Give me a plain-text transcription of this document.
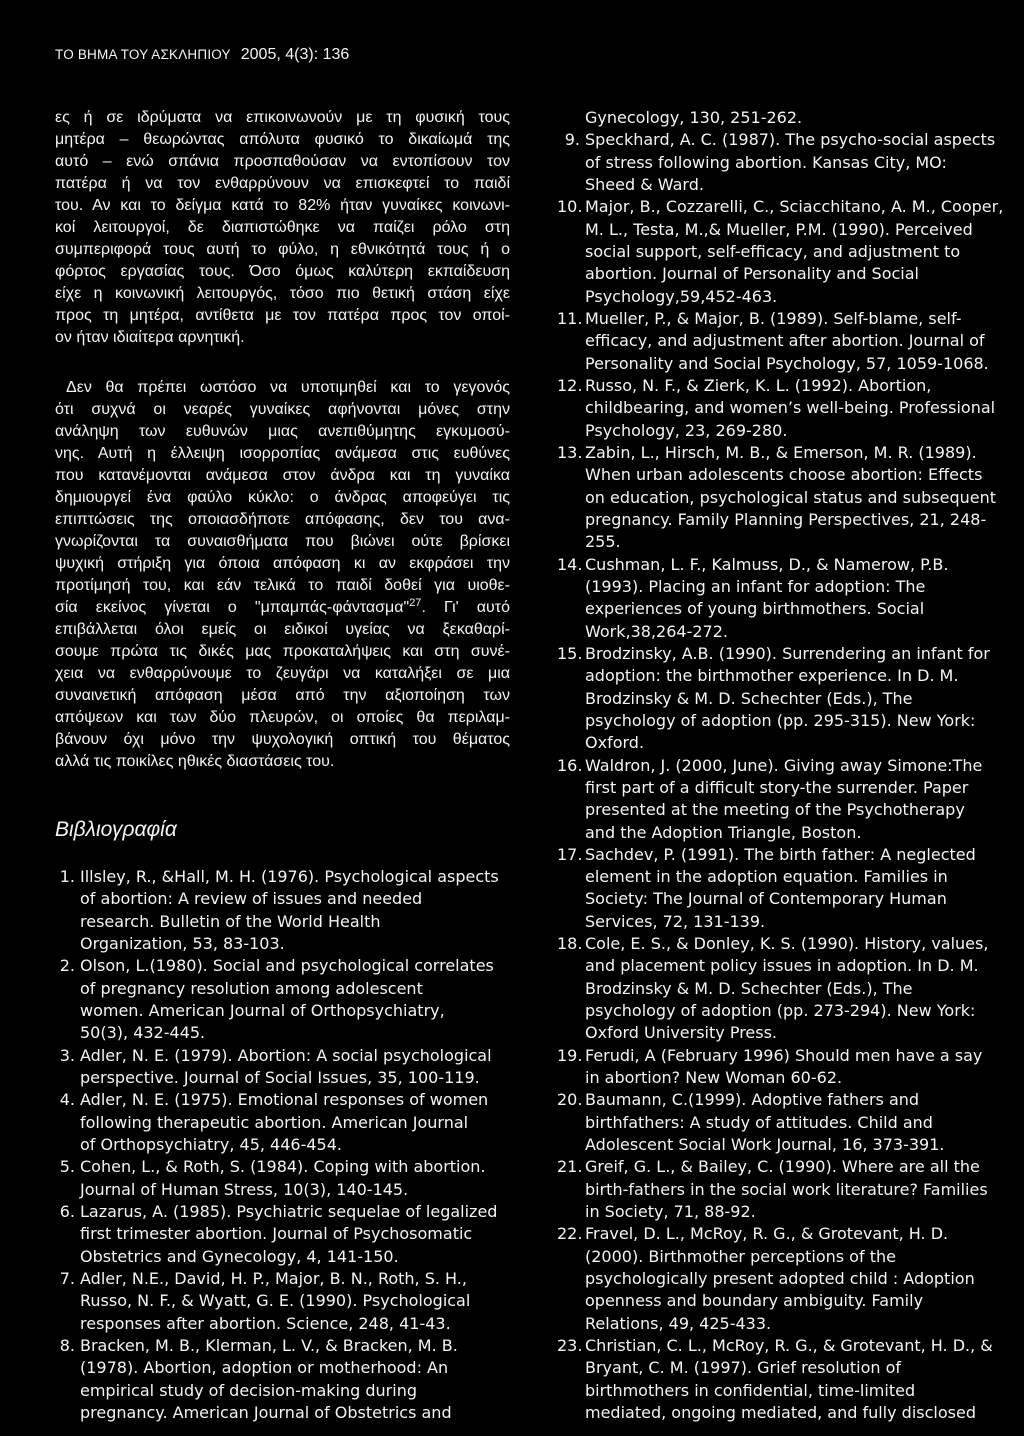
ΤΟ ΒΗΜΑ ΤΟΥ ΑΣΚΛΗΠΙΟΥ 2005, 4(3): 136
ες ή σε ιδρύματα να επικοινωνούν με τη φυσική τους
μητέρα – θεωρώντας απόλυτα φυσικό το δικαίωμά της
αυτό – ενώ σπάνια προσπαθούσαν να εντοπίσουν τον
πατέρα ή να τον ενθαρρύνουν να επισκεφτεί το παιδί
του. Αν και το δείγμα κατά το 82% ήταν γυναίκες κοινωνι-
κοί λειτουργοί, δε διαπιστώθηκε να παίζει ρόλο στη
συμπεριφορά τους αυτή το φύλο, η εθνικότητά τους ή ο
φόρτος εργασίας τους. Όσο όμως καλύτερη εκπαίδευση
είχε η κοινωνική λειτουργός, τόσο πιο θετική στάση είχε
προς τη μητέρα, αντίθετα με τον πατέρα προς τον οποί-
ον ήταν ιδιαίτερα αρνητική.
Δεν θα πρέπει ωστόσο να υποτιμηθεί και το γεγονός
ότι συχνά οι νεαρές γυναίκες αφήνονται μόνες στην
ανάληψη των ευθυνών μιας ανεπιθύμητης εγκυμοσύ-
νης. Αυτή η έλλειψη ισορροπίας ανάμεσα στις ευθύνες
που κατανέμονται ανάμεσα στον άνδρα και τη γυναίκα
δημιουργεί ένα φαύλο κύκλο: ο άνδρας αποφεύγει τις
επιπτώσεις της οποιασδήποτε απόφασης, δεν του ανα-
γνωρίζονται τα συναισθήματα που βιώνει ούτε βρίσκει
ψυχική στήριξη για όποια απόφαση κι αν εκφράσει την
προτίμησή του, και εάν τελικά το παιδί δοθεί για υιοθε-
σία εκείνος γίνεται ο "μπαμπάς-φάντασμα"$^{27}$. Γι' αυτό
επιβάλλεται όλοι εμείς οι ειδικοί υγείας να ξεκαθαρί-
σουμε πρώτα τις δικές μας προκαταλήψεις και στη συνέ-
χεια να ενθαρρύνουμε το ζευγάρι να καταλήξει σε μια
συναινετική απόφαση μέσα από την αξιοποίηση των
απόψεων και των δύο πλευρών, οι οποίες θα περιλαμ-
βάνουν όχι μόνο την ψυχολογική οπτική του θέματος
αλλά τις ποικίλες ηθικές διαστάσεις του.
Βιβλιογραφία
1. Illsley, R., &Hall, M. H. (1976). Psychological aspects
of abortion: A review of issues and needed
research. Bulletin of the World Health
Organization, 53, 83-103.
2. Olson, L.(1980). Social and psychological correlates
of pregnancy resolution among adolescent
women. American Journal of Orthopsychiatry,
50(3), 432-445.
3. Adler, N. E. (1979). Abortion: A social psychological
perspective. Journal of Social Issues, 35, 100-119.
4. Adler, N. E. (1975). Emotional responses of women
following therapeutic abortion. American Journal
of Orthopsychiatry, 45, 446-454.
5. Cohen, L., & Roth, S. (1984). Coping with abortion.
Journal of Human Stress, 10(3), 140-145.
6. Lazarus, A. (1985). Psychiatric sequelae of legalized
first trimester abortion. Journal of Psychosomatic
Obstetrics and Gynecology, 4, 141-150.
7. Adler, N.E., David, H. P., Major, B. N., Roth, S. H.,
Russo, N. F., & Wyatt, G. E. (1990). Psychological
responses after abortion. Science, 248, 41-43.
8. Bracken, M. B., Klerman, L. V., & Bracken, M. B.
(1978). Abortion, adoption or motherhood: An
empirical study of decision-making during
pregnancy. American Journal of Obstetrics and
Gynecology, 130, 251-262.
9. Speckhard, A. C. (1987). The psycho-social aspects
of stress following abortion. Kansas City, MO:
Sheed & Ward.
10. Major, B., Cozzarelli, C., Sciacchitano, A. M., Cooper,
M. L., Testa, M.,& Mueller, P.M. (1990). Perceived
social support, self-efficacy, and adjustment to
abortion. Journal of Personality and Social
Psychology,59,452-463.
11. Mueller, P., & Major, B. (1989). Self-blame, self-
efficacy, and adjustment after abortion. Journal of
Personality and Social Psychology, 57, 1059-1068.
12. Russo, N. F., & Zierk, K. L. (1992). Abortion,
childbearing, and women’s well-being. Professional
Psychology, 23, 269-280.
13. Zabin, L., Hirsch, M. B., & Emerson, M. R. (1989).
When urban adolescents choose abortion: Effects
on education, psychological status and subsequent
pregnancy. Family Planning Perspectives, 21, 248-
255.
14. Cushman, L. F., Kalmuss, D., & Namerow, P.B.
(1993). Placing an infant for adoption: The
experiences of young birthmothers. Social
Work,38,264-272.
15. Brodzinsky, A.B. (1990). Surrendering an infant for
adoption: the birthmother experience. In D. M.
Brodzinsky & M. D. Schechter (Eds.), The
psychology of adoption (pp. 295-315). New York:
Oxford.
16. Waldron, J. (2000, June). Giving away Simone:The
first part of a difficult story-the surrender. Paper
presented at the meeting of the Psychotherapy
and the Adoption Triangle, Boston.
17. Sachdev, P. (1991). The birth father: A neglected
element in the adoption equation. Families in
Society: The Journal of Contemporary Human
Services, 72, 131-139.
18. Cole, E. S., & Donley, K. S. (1990). History, values,
and placement policy issues in adoption. In D. M.
Brodzinsky & M. D. Schechter (Eds.), The
psychology of adoption (pp. 273-294). New York:
Oxford University Press.
19. Ferudi, A (February 1996) Should men have a say
in abortion? New Woman 60-62.
20. Baumann, C.(1999). Adoptive fathers and
birthfathers: A study of attitudes. Child and
Adolescent Social Work Journal, 16, 373-391.
21. Greif, G. L., & Bailey, C. (1990). Where are all the
birth-fathers in the social work literature? Families
in Society, 71, 88-92.
22. Fravel, D. L., McRoy, R. G., & Grotevant, H. D.
(2000). Birthmother perceptions of the
psychologically present adopted child : Adoption
openness and boundary ambiguity. Family
Relations, 49, 425-433.
23. Christian, C. L., McRoy, R. G., & Grotevant, H. D., &
Bryant, C. M. (1997). Grief resolution of
birthmothers in confidential, time-limited
mediated, ongoing mediated, and fully disclosed
